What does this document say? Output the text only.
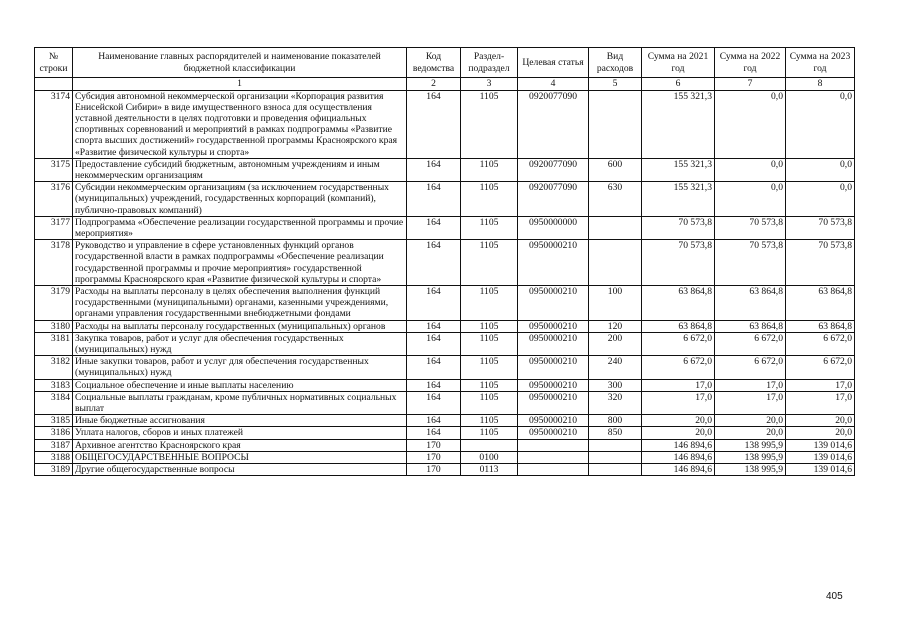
№ строки	Наименование главных распорядителей и наименование показателей бюджетной классификации	Код ведомства	Раздел- подраздел	Целевая статья	Вид расходов	Сумма на 2021 год	Сумма на 2022 год	Сумма на 2023 год
	1	2	3	4	5	6	7	8
3174	Субсидия автономной некоммерческой организации «Корпорация развития Енисейской Сибири» в виде имущественного взноса для осуществления уставной деятельности в целях подготовки и проведения официальных спортивных соревнований и мероприятий в рамках подпрограммы «Развитие спорта высших достижений» государственной программы Красноярского края «Развитие физической культуры и спорта»	164	1105	0920077090		155 321,3	0,0	0,0
3175	Предоставление субсидий бюджетным, автономным учреждениям и иным некоммерческим организациям	164	1105	0920077090	600	155 321,3	0,0	0,0
3176	Субсидии некоммерческим организациям (за исключением государственных (муниципальных) учреждений, государственных корпораций (компаний), публично-правовых компаний)	164	1105	0920077090	630	155 321,3	0,0	0,0
3177	Подпрограмма «Обеспечение реализации государственной программы и прочие мероприятия»	164	1105	0950000000		70 573,8	70 573,8	70 573,8
3178	Руководство и управление в сфере установленных функций органов государственной власти в рамках подпрограммы «Обеспечение реализации государственной программы и прочие мероприятия» государственной программы Красноярского края «Развитие физической культуры и спорта»	164	1105	0950000210		70 573,8	70 573,8	70 573,8
3179	Расходы на выплаты персоналу в целях обеспечения выполнения функций государственными (муниципальными) органами, казенными учреждениями, органами управления государственными внебюджетными фондами	164	1105	0950000210	100	63 864,8	63 864,8	63 864,8
3180	Расходы на выплаты персоналу государственных (муниципальных) органов	164	1105	0950000210	120	63 864,8	63 864,8	63 864,8
3181	Закупка товаров, работ и услуг для обеспечения государственных (муниципальных) нужд	164	1105	0950000210	200	6 672,0	6 672,0	6 672,0
3182	Иные закупки товаров, работ и услуг для обеспечения государственных (муниципальных) нужд	164	1105	0950000210	240	6 672,0	6 672,0	6 672,0
3183	Социальное обеспечение и иные выплаты населению	164	1105	0950000210	300	17,0	17,0	17,0
3184	Социальные выплаты гражданам, кроме публичных нормативных социальных выплат	164	1105	0950000210	320	17,0	17,0	17,0
3185	Иные бюджетные ассигнования	164	1105	0950000210	800	20,0	20,0	20,0
3186	Уплата налогов, сборов и иных платежей	164	1105	0950000210	850	20,0	20,0	20,0
3187	Архивное агентство Красноярского края	170				146 894,6	138 995,9	139 014,6
3188	ОБЩЕГОСУДАРСТВЕННЫЕ ВОПРОСЫ	170	0100			146 894,6	138 995,9	139 014,6
3189	Другие общегосударственные вопросы	170	0113			146 894,6	138 995,9	139 014,6
405
